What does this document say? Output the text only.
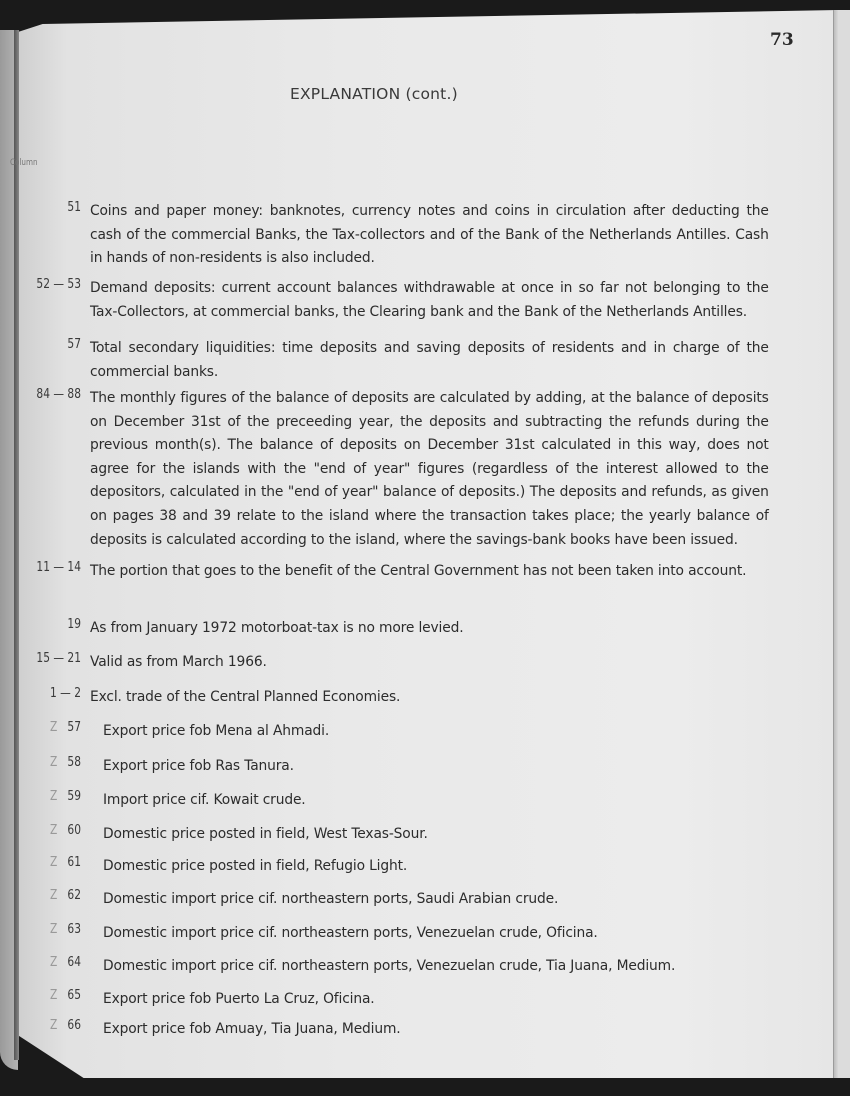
73
EXPLANATION (cont.)
Column
51 Coins and paper money: banknotes, currency notes and coins in circulation after deducting the cash of the commercial Banks, the Tax-collectors and of the Bank of the Netherlands Antilles. Cash in hands of non-residents is also included.
52 — 53 Demand deposits: current account balances withdrawable at once in so far not belonging to the Tax-Collectors, at commercial banks, the Clearing bank and the Bank of the Netherlands Antilles.
57 Total secondary liquidities: time deposits and saving deposits of residents and in charge of the commercial banks.
84 — 88 The monthly figures of the balance of deposits are calculated by adding, at the balance of deposits on December 31st of the preceeding year, the deposits and subtracting the refunds during the previous month(s). The balance of deposits on December 31st calculated in this way, does not agree for the islands with the "end of year" figures (regardless of the interest allowed to the depositors, calculated in the "end of year" balance of deposits.) The deposits and refunds, as given on pages 38 and 39 relate to the island where the transaction takes place; the yearly balance of deposits is calculated according to the island, where the savings-bank books have been issued.
11 — 14 The portion that goes to the benefit of the Central Government has not been taken into account.
19 As from January 1972 motorboat-tax is no more levied.
15 — 21 Valid as from March 1966.
1 — 2 Excl. trade of the Central Planned Economies.
Z 57 Export price fob Mena al Ahmadi.
Z 58 Export price fob Ras Tanura.
Z 59 Import price cif. Kowait crude.
Z 60 Domestic price posted in field, West Texas-Sour.
Z 61 Domestic price posted in field, Refugio Light.
Z 62 Domestic import price cif. northeastern ports, Saudi Arabian crude.
Z 63 Domestic import price cif. northeastern ports, Venezuelan crude, Oficina.
Z 64 Domestic import price cif. northeastern ports, Venezuelan crude, Tia Juana, Medium.
Z 65 Export price fob Puerto La Cruz, Oficina.
Z 66 Export price fob Amuay, Tia Juana, Medium.
